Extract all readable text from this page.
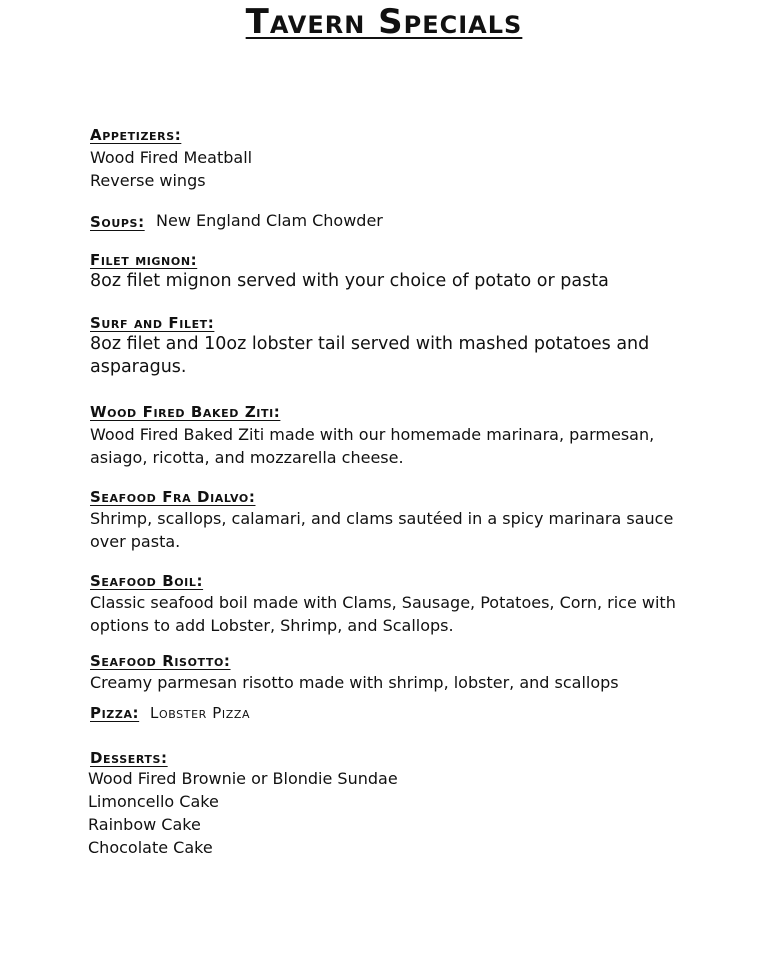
Tavern Specials
Appetizers:
Wood Fired Meatball
Reverse wings
Soups: New England Clam Chowder
Filet mignon:
8oz filet mignon served with your choice of potato or pasta
Surf and Filet:
8oz filet and 10oz lobster tail served with mashed potatoes and
asparagus.
Wood Fired Baked Ziti:
Wood Fired Baked Ziti made with our homemade marinara, parmesan,
asiago, ricotta, and mozzarella cheese.
Seafood Fra Dialvo:
Shrimp, scallops, calamari, and clams sautéed in a spicy marinara sauce
over pasta.
Seafood Boil:
Classic seafood boil made with Clams, Sausage, Potatoes, Corn, rice with
options to add Lobster, Shrimp, and Scallops.
Seafood Risotto:
Creamy parmesan risotto made with shrimp, lobster, and scallops
Pizza: Lobster Pizza
Desserts:
Wood Fired Brownie or Blondie Sundae
Limoncello Cake
Rainbow Cake
Chocolate Cake
